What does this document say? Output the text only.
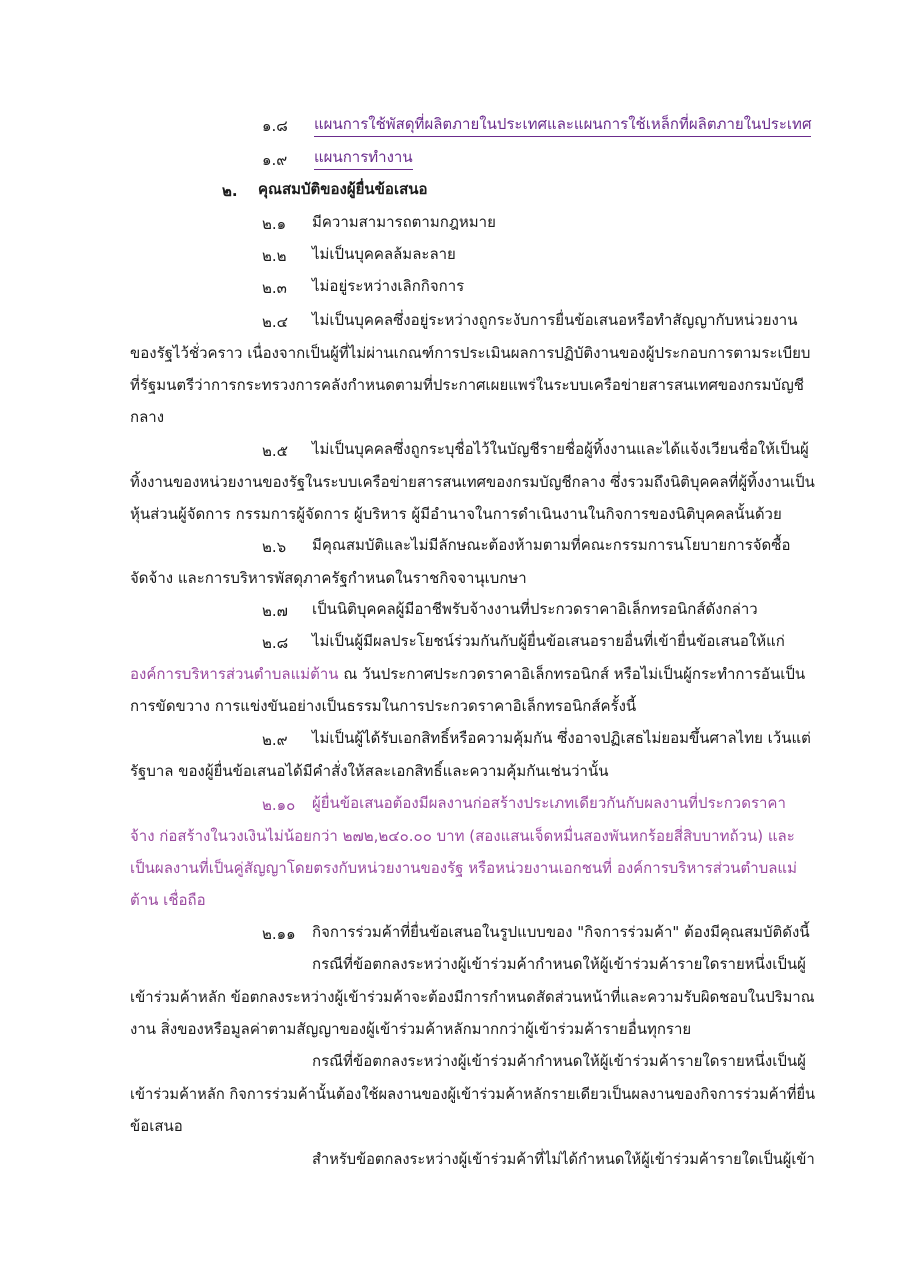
๑.๘ แผนการใช้พัสดุที่ผลิตภายในประเทศและแผนการใช้เหล็กที่ผลิตภายในประเทศ
๑.๙ แผนการทำงาน
๒. คุณสมบัติของผู้ยื่นข้อเสนอ
๒.๑ มีความสามารถตามกฎหมาย
๒.๒ ไม่เป็นบุคคลล้มละลาย
๒.๓ ไม่อยู่ระหว่างเลิกกิจการ
๒.๔ ไม่เป็นบุคคลซึ่งอยู่ระหว่างถูกระงับการยื่นข้อเสนอหรือทำสัญญากับหน่วยงาน
ของรัฐไว้ชั่วคราว เนื่องจากเป็นผู้ที่ไม่ผ่านเกณฑ์การประเมินผลการปฏิบัติงานของผู้ประกอบการตามระเบียบ
ที่รัฐมนตรีว่าการกระทรวงการคลังกำหนดตามที่ประกาศเผยแพร่ในระบบเครือข่ายสารสนเทศของกรมบัญชี
กลาง
๒.๕ ไม่เป็นบุคคลซึ่งถูกระบุชื่อไว้ในบัญชีรายชื่อผู้ทิ้งงานและได้แจ้งเวียนชื่อให้เป็นผู้
ทิ้งงานของหน่วยงานของรัฐในระบบเครือข่ายสารสนเทศของกรมบัญชีกลาง ซึ่งรวมถึงนิติบุคคลที่ผู้ทิ้งงานเป็น
หุ้นส่วนผู้จัดการ กรรมการผู้จัดการ ผู้บริหาร ผู้มีอำนาจในการดำเนินงานในกิจการของนิติบุคคลนั้นด้วย
๒.๖ มีคุณสมบัติและไม่มีลักษณะต้องห้ามตามที่คณะกรรมการนโยบายการจัดซื้อ
จัดจ้าง และการบริหารพัสดุภาครัฐกำหนดในราชกิจจานุเบกษา
๒.๗ เป็นนิติบุคคลผู้มีอาชีพรับจ้างงานที่ประกวดราคาอิเล็กทรอนิกส์ดังกล่าว
๒.๘ ไม่เป็นผู้มีผลประโยชน์ร่วมกันกับผู้ยื่นข้อเสนอรายอื่นที่เข้ายื่นข้อเสนอให้แก่
องค์การบริหารส่วนตำบลแม่ต้าน ณ วันประกาศประกวดราคาอิเล็กทรอนิกส์ หรือไม่เป็นผู้กระทำการอันเป็น
การขัดขวาง การแข่งขันอย่างเป็นธรรมในการประกวดราคาอิเล็กทรอนิกส์ครั้งนี้
๒.๙ ไม่เป็นผู้ได้รับเอกสิทธิ์หรือความคุ้มกัน ซึ่งอาจปฏิเสธไม่ยอมขึ้นศาลไทย เว้นแต่
รัฐบาล ของผู้ยื่นข้อเสนอได้มีคำสั่งให้สละเอกสิทธิ์และความคุ้มกันเช่นว่านั้น
๒.๑๐ ผู้ยื่นข้อเสนอต้องมีผลงานก่อสร้างประเภทเดียวกันกับผลงานที่ประกวดราคา
จ้าง ก่อสร้างในวงเงินไม่น้อยกว่า ๒๗๒,๒๔๐.๐๐ บาท (สองแสนเจ็ดหมื่นสองพันหกร้อยสี่สิบบาทถ้วน) และ
เป็นผลงานที่เป็นคู่สัญญาโดยตรงกับหน่วยงานของรัฐ หรือหน่วยงานเอกชนที่ องค์การบริหารส่วนตำบลแม่
ต้าน เชื่อถือ
๒.๑๑ กิจการร่วมค้าที่ยื่นข้อเสนอในรูปแบบของ "กิจการร่วมค้า" ต้องมีคุณสมบัติดังนี้
กรณีที่ข้อตกลงระหว่างผู้เข้าร่วมค้ากำหนดให้ผู้เข้าร่วมค้ารายใดรายหนึ่งเป็นผู้
เข้าร่วมค้าหลัก ข้อตกลงระหว่างผู้เข้าร่วมค้าจะต้องมีการกำหนดสัดส่วนหน้าที่และความรับผิดชอบในปริมาณ
งาน สิ่งของหรือมูลค่าตามสัญญาของผู้เข้าร่วมค้าหลักมากกว่าผู้เข้าร่วมค้ารายอื่นทุกราย
กรณีที่ข้อตกลงระหว่างผู้เข้าร่วมค้ากำหนดให้ผู้เข้าร่วมค้ารายใดรายหนึ่งเป็นผู้
เข้าร่วมค้าหลัก กิจการร่วมค้านั้นต้องใช้ผลงานของผู้เข้าร่วมค้าหลักรายเดียวเป็นผลงานของกิจการร่วมค้าที่ยื่น
ข้อเสนอ
สำหรับข้อตกลงระหว่างผู้เข้าร่วมค้าที่ไม่ได้กำหนดให้ผู้เข้าร่วมค้ารายใดเป็นผู้เข้า
